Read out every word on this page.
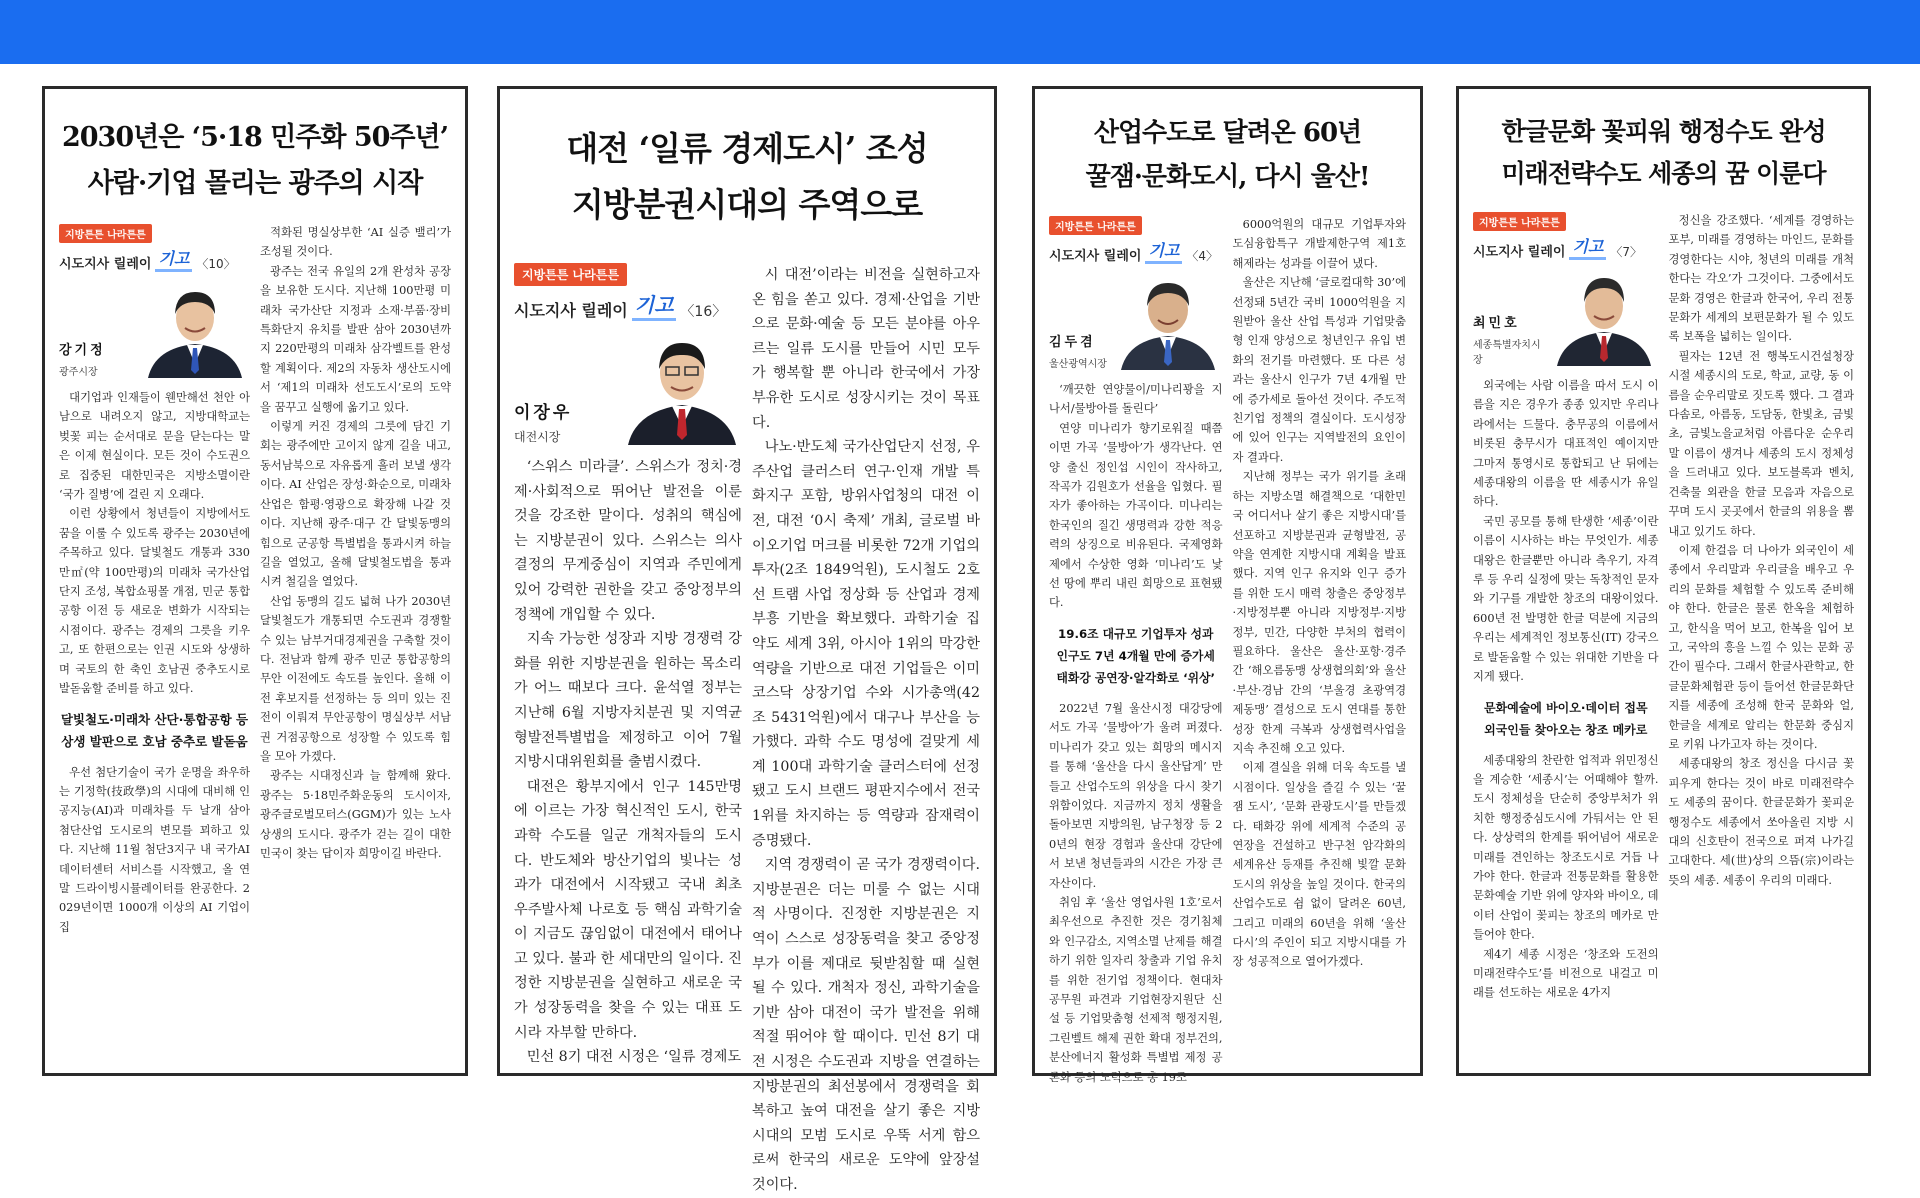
2030년은 ‘5·18 민주화 50주년’
사람·기업 몰리는 광주의 시작
지방튼튼 나라튼튼
시도지사 릴레이 기고 〈10〉
강기정
광주시장

대기업과 인재들이 웬만해선 천안 아남으로 내려오지 않고, 지방대학교는 벚꽃 피는 순서대로 문을 닫는다는 말은 이제 현실이다. 모든 것이 수도권으로 집중된 대한민국은 지방소멸이란 ‘국가 질병’에 걸린 지 오래다.

이런 상황에서 청년들이 지방에서도 꿈을 이룰 수 있도록 광주는 2030년에 주목하고 있다. 달빛철도 개통과 330만㎡(약 100만평)의 미래차 국가산업단지 조성, 복합쇼핑몰 개점, 민군 통합공항 이전 등 새로운 변화가 시작되는 시점이다. 광주는 경제의 그릇을 키우고, 또 한편으로는 인권 시도와 상생하며 국토의 한 축인 호남권 중추도시로 발돋움할 준비를 하고 있다.

달빛철도·미래차 산단·통합공항 등
상생 발판으로 호남 중추로 발돋움

우선 첨단기술이 국가 운명을 좌우하는 기정학(技政學)의 시대에 대비해 인공지능(AI)과 미래차를 두 날개 삼아 첨단산업 도시로의 변모를 꾀하고 있다. 지난해 11월 첨단3지구 내 국가AI데이터센터 서비스를 시작했고, 올 연말 드라이빙시뮬레이터를 완공한다. 2029년이면 1000개 이상의 AI 기업이 집

적화된 명실상부한 ‘AI 실증 밸리’가 조성될 것이다.

광주는 전국 유일의 2개 완성차 공장을 보유한 도시다. 지난해 100만평 미래차 국가산단 지정과 소재·부품·장비 특화단지 유치를 발판 삼아 2030년까지 220만평의 미래차 삼각벨트를 완성할 계획이다. 제2의 자동차 생산도시에서 ‘제1의 미래차 선도도시’로의 도약을 꿈꾸고 실행에 옮기고 있다.

이렇게 커진 경제의 그릇에 담긴 기회는 광주에만 고이지 않게 길을 내고, 동서남북으로 자유롭게 흘러 보낼 생각이다. AI 산업은 장성·화순으로, 미래차 산업은 함평·영광으로 확장해 나갈 것이다. 지난해 광주·대구 간 달빛동맹의 힘으로 군공항 특별법을 통과시켜 하늘길을 열었고, 올해 달빛철도법을 통과시켜 철길을 열었다.

산업 동맹의 길도 넓혀 나가 2030년 달빛철도가 개통되면 수도권과 경쟁할 수 있는 남부거대경제권을 구축할 것이다. 전남과 함께 광주 민군 통합공항의 무안 이전에도 속도를 높인다. 올해 이전 후보지를 선정하는 등 의미 있는 진전이 이뤄져 무안공항이 명실상부 서남권 거점공항으로 성장할 수 있도록 힘을 모아 가겠다.

광주는 시대정신과 늘 함께해 왔다. 광주는 5·18민주화운동의 도시이자, 광주글로벌모터스(GGM)가 있는 노사 상생의 도시다. 광주가 걷는 길이 대한민국이 찾는 답이자 희망이길 바란다.

대전 ‘일류 경제도시’ 조성
지방분권시대의 주역으로
지방튼튼 나라튼튼
시도지사 릴레이 기고 〈16〉
이장우
대전시장

‘스위스 미라클’. 스위스가 정치·경제·사회적으로 뛰어난 발전을 이룬 것을 강조한 말이다. 성취의 핵심에는 지방분권이 있다. 스위스는 의사결정의 무게중심이 지역과 주민에게 있어 강력한 권한을 갖고 중앙정부의 정책에 개입할 수 있다.

지속 가능한 성장과 지방 경쟁력 강화를 위한 지방분권을 원하는 목소리가 어느 때보다 크다. 윤석열 정부는 지난해 6월 지방자치분권 및 지역균형발전특별법을 제정하고 이어 7월 지방시대위원회를 출범시켰다.

대전은 황부지에서 인구 145만명에 이르는 가장 혁신적인 도시, 한국 과학 수도를 일군 개척자들의 도시다. 반도체와 방산기업의 빛나는 성과가 대전에서 시작됐고 국내 최초 우주발사체 나로호 등 핵심 과학기술이 지금도 끊임없이 대전에서 태어나고 있다. 불과 한 세대만의 일이다. 진정한 지방분권을 실현하고 새로운 국가 성장동력을 찾을 수 있는 대표 도시라 자부할 만하다.

민선 8기 대전 시정은 ‘일류 경제도

시 대전’이라는 비전을 실현하고자 온 힘을 쏟고 있다. 경제·산업을 기반으로 문화·예술 등 모든 분야를 아우르는 일류 도시를 만들어 시민 모두가 행복할 뿐 아니라 한국에서 가장 부유한 도시로 성장시키는 것이 목표다.

나노·반도체 국가산업단지 선정, 우주산업 클러스터 연구·인재 개발 특화지구 포함, 방위사업청의 대전 이전, 대전 ‘0시 축제’ 개최, 글로벌 바이오기업 머크를 비롯한 72개 기업의 투자(2조 1849억원), 도시철도 2호선 트램 사업 정상화 등 산업과 경제 부흥 기반을 확보했다. 과학기술 집약도 세계 3위, 아시아 1위의 막강한 역량을 기반으로 대전 기업들은 이미 코스닥 상장기업 수와 시가총액(42조 5431억원)에서 대구나 부산을 능가했다. 과학 수도 명성에 걸맞게 세계 100대 과학기술 클러스터에 선정됐고 도시 브랜드 평판지수에서 전국 1위를 차지하는 등 역량과 잠재력이 증명됐다.

지역 경쟁력이 곧 국가 경쟁력이다. 지방분권은 더는 미룰 수 없는 시대적 사명이다. 진정한 지방분권은 지역이 스스로 성장동력을 찾고 중앙정부가 이를 제대로 뒷받침할 때 실현될 수 있다. 개척자 정신, 과학기술을 기반 삼아 대전이 국가 발전을 위해 적절 뛰어야 할 때이다. 민선 8기 대전 시정은 수도권과 지방을 연결하는 지방분권의 최선봉에서 경쟁력을 회복하고 높여 대전을 살기 좋은 지방시대의 모범 도시로 우뚝 서게 함으로써 한국의 새로운 도약에 앞장설 것이다.

산업수도로 달려온 60년
꿀잼·문화도시, 다시 울산!
지방튼튼 나라튼튼
시도지사 릴레이 기고 〈4〉
김두겸
울산광역시장

‘깨끗한 연양물이/미나리꽝을 지나서/물방아를 돌린다’

연양 미나리가 향기로워질 때쯤이면 가곡 ‘물방아’가 생각난다. 연양 출신 정인섭 시인이 작사하고, 작곡가 김원호가 선율을 입혔다. 필자가 좋아하는 가곡이다. 미나리는 한국인의 질긴 생명력과 강한 적응력의 상징으로 비유된다. 국제영화제에서 수상한 영화 ‘미나리’도 낯선 땅에 뿌리 내린 희망으로 표현됐다.

19.6조 대규모 기업투자 성과
인구도 7년 4개월 만에 증가세
태화강 공연장·알각화로 ‘위상’

2022년 7월 울산시정 대강당에서도 가곡 ‘물방아’가 울려 퍼졌다. 미나리가 갖고 있는 희망의 메시지를 통해 ‘울산을 다시 울산답게’ 만들고 산업수도의 위상을 다시 찾기 위함이었다. 지금까지 정치 생활을 돌아보면 지방의원, 남구청장 등 20년의 현장 경험과 울산대 강단에서 보낸 청년들과의 시간은 가장 큰 자산이다.

취임 후 ‘울산 영업사원 1호’로서 최우선으로 추진한 것은 경기침체와 인구감소, 지역소멸 난제를 해결하기 위한 일자리 창출과 기업 유치를 위한 전기업 정책이다. 현대차 공무원 파견과 기업현장지원단 신설 등 기업맞춤형 선제적 행정지원, 그린벨트 해제 권한 확대 정부건의, 분산에너지 활성화 특별법 제정 공론화 등의 노력으로 총 19조

6000억원의 대규모 기업투자와 도심융합특구 개발제한구역 제1호 해제라는 성과를 이끌어 냈다.

울산은 지난해 ‘글로컬대학 30’에 선정돼 5년간 국비 1000억원을 지원받아 울산 산업 특성과 기업맞춤형 인재 양성으로 청년인구 유입 변화의 전기를 마련했다. 또 다른 성과는 울산시 인구가 7년 4개월 만에 증가세로 돌아선 것이다. 주도적 친기업 정책의 결실이다. 도시성장에 있어 인구는 지역발전의 요인이자 결과다.

지난해 정부는 국가 위기를 초래하는 지방소멸 해결책으로 ‘대한민국 어디서나 살기 좋은 지방시대’를 선포하고 지방분권과 균형발전, 공약을 연계한 지방시대 계획을 발표했다. 지역 인구 유지와 인구 증가를 위한 도시 매력 창출은 중앙정부·지방정부뿐 아니라 지방정부·지방정부, 민간, 다양한 부처의 협력이 필요하다. 울산은 울산·포항·경주 간 ‘해오름동맹 상생협의회’와 울산·부산·경남 간의 ‘부울경 초광역경제동맹’ 결성으로 도시 연대를 통한 성장 한계 극복과 상생협력사업을 지속 추진해 오고 있다.

이제 결실을 위해 더욱 속도를 낼 시점이다. 일상을 즐길 수 있는 ‘꿀잼 도시’, ‘문화 관광도시’를 만들겠다. 태화강 위에 세계적 수준의 공연장을 건설하고 반구천 암각화의 세계유산 등재를 추진해 빛깔 문화도시의 위상을 높일 것이다. 한국의 산업수도로 쉼 없이 달려온 60년, 그리고 미래의 60년을 위해 ‘울산 다시’의 주인이 되고 지방시대를 가장 성공적으로 열어가겠다.

한글문화 꽃피워 행정수도 완성
미래전략수도 세종의 꿈 이룬다
지방튼튼 나라튼튼
시도지사 릴레이 기고 〈7〉
최민호
세종특별자치시장

외국에는 사람 이름을 따서 도시 이름을 지은 경우가 종종 있지만 우리나라에서는 드물다. 충무공의 이름에서 비롯된 충무시가 대표적인 예이지만 그마저 통영시로 통합되고 난 뒤에는 세종대왕의 이름을 딴 세종시가 유일하다.

국민 공모를 통해 탄생한 ‘세종’이란 이름이 시사하는 바는 무엇인가. 세종대왕은 한글뿐만 아니라 측우기, 자격루 등 우리 실정에 맞는 독창적인 문자와 기구를 개발한 창조의 대왕이었다. 600년 전 발명한 한글 덕분에 지금의 우리는 세계적인 정보통신(IT) 강국으로 발돋움할 수 있는 위대한 기반을 다지게 됐다.

문화예술에 바이오·데이터 접목
외국인들 찾아오는 창조 메카로

세종대왕의 찬란한 업적과 위민정신을 계승한 ‘세종시’는 어때해야 할까. 도시 정체성을 단순히 중앙부처가 위치한 행정중심도시에 가둬서는 안 된다. 상상력의 한계를 뛰어넘어 새로운 미래를 견인하는 창조도시로 거듭 나가야 한다. 한글과 전통문화를 활용한 문화예술 기반 위에 양자와 바이오, 데이터 산업이 꽃피는 창조의 메카로 만들어야 한다.

제4기 세종 시정은 ‘창조와 도전의 미래전략수도’를 비전으로 내걸고 미래를 선도하는 새로운 4가지

정신을 강조했다. ‘세계를 경영하는 포부, 미래를 경영하는 마인드, 문화를 경영한다는 시야, 청년의 미래를 개척한다는 각오’가 그것이다. 그중에서도 문화 경영은 한글과 한국어, 우리 전통문화가 세계의 보편문화가 될 수 있도록 보폭을 넓히는 일이다.

필자는 12년 전 행복도시건설청장 시절 세종시의 도로, 학교, 교량, 동 이름을 순우리말로 짓도록 했다. 그 결과 다솜로, 아름동, 도담동, 한빛초, 금빛초, 금빛노을교처럼 아름다운 순우리말 이름이 생겨나 세종의 도시 정체성을 드러내고 있다. 보도블록과 벤치, 건축물 외관을 한글 모음과 자음으로 꾸며 도시 곳곳에서 한글의 위용을 뽐내고 있기도 하다.

이제 한걸음 더 나아가 외국인이 세종에서 우리말과 우리글을 배우고 우리의 문화를 체험할 수 있도록 준비해야 한다. 한글은 물론 한옥을 체험하고, 한식을 먹어 보고, 한복을 입어 보고, 국악의 흥을 느낄 수 있는 문화 공간이 필수다. 그래서 한글사관학교, 한글문화체험관 등이 들어선 한글문화단지를 세종에 조성해 한국 문화와 얼, 한글을 세계로 알리는 한문화 중심지로 키워 나가고자 하는 것이다.

세종대왕의 창조 정신을 다시금 꽃피우게 한다는 것이 바로 미래전략수도 세종의 꿈이다. 한글문화가 꽃피운 행정수도 세종에서 쏘아올린 지방 시대의 신호탄이 전국으로 퍼져 나가길 고대한다. 세(世)상의 으뜸(宗)이라는 뜻의 세종. 세종이 우리의 미래다.
